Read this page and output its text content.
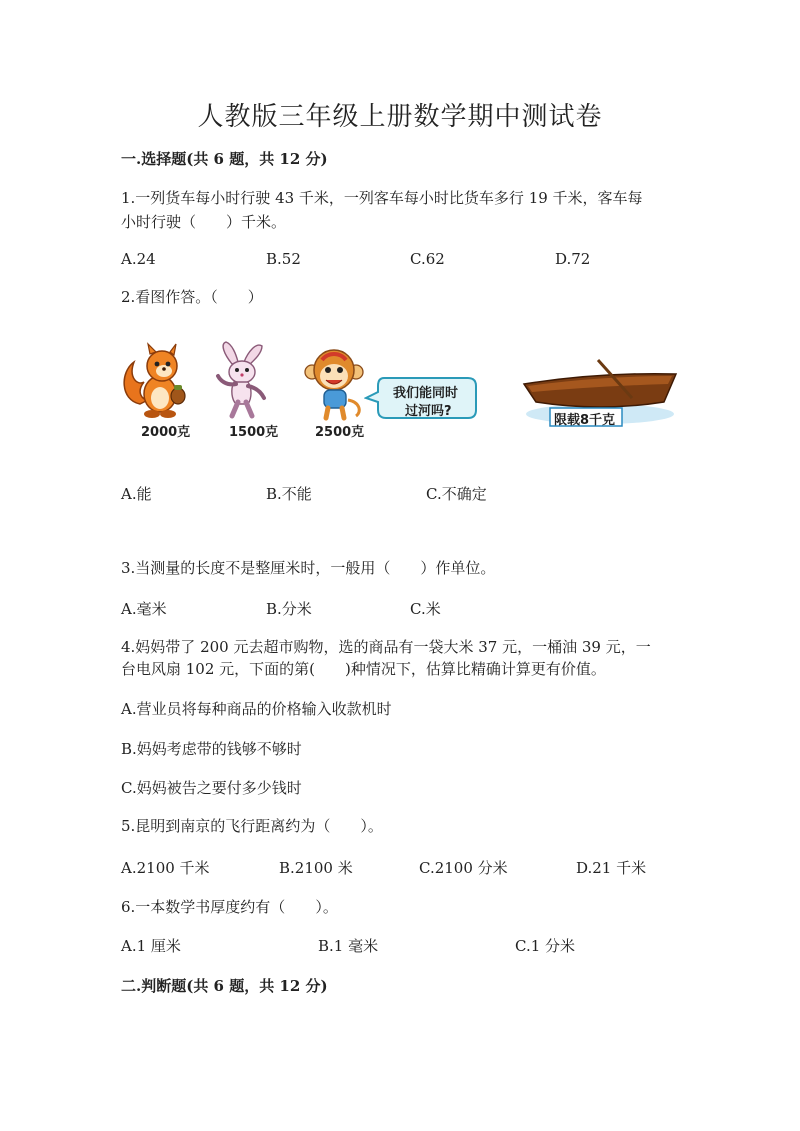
人教版三年级上册数学期中测试卷
一.选择题(共 6 题，共 12 分)
1.一列货车每小时行驶 43 千米，一列客车每小时比货车多行 19 千米，客车每
小时行驶（　　）千米。
A.24	B.52	C.62	D.72
2.看图作答。（　　）
我们能同时
过河吗?
限载8千克
2000克	1500克	2500克
A.能	B.不能	C.不确定
3.当测量的长度不是整厘米时，一般用（　　）作单位。
A.毫米	B.分米	C.米
4.妈妈带了 200 元去超市购物，选的商品有一袋大米 37 元，一桶油 39 元，一
台电风扇 102 元，下面的第(　　)种情况下，估算比精确计算更有价值。
A.营业员将每种商品的价格输入收款机时
B.妈妈考虑带的钱够不够时
C.妈妈被告之要付多少钱时
5.昆明到南京的飞行距离约为（　　）。
A.2100 千米	B.2100 米	C.2100 分米	D.21 千米
6.一本数学书厚度约有（　　）。
A.1 厘米	B.1 毫米	C.1 分米
二.判断题(共 6 题，共 12 分)
